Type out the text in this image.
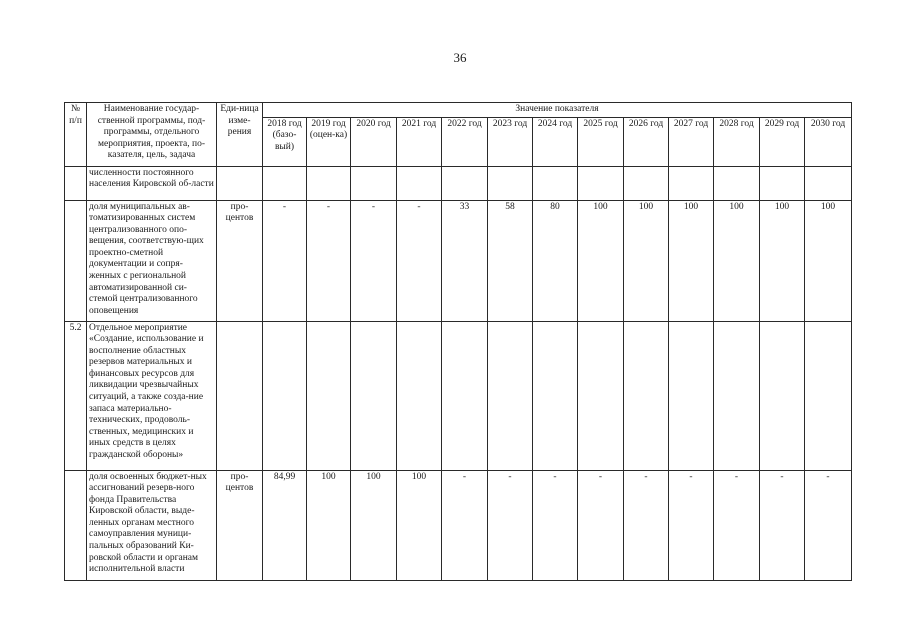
36
№ п/п	Наименование государ-ственной программы, под-программы, отдельного мероприятия, проекта, по-казателя, цель, задача	Еди-ница изме-рения	Значение показателя												
			2018 год (базо-вый)	2019 год (оцен-ка)	2020 год	2021 год	2022 год	2023 год	2024 год	2025 год	2026 год	2027 год	2028 год	2029 год	2030 год
	численности постоянного населения Кировской об-ласти														
	доля муниципальных ав-томатизированных систем централизованного опо-вещения, соответствую-щих проектно-сметной документации и сопря-женных с региональной автоматизированной си-стемой централизованного оповещения	про-центов	-	-	-	-	33	58	80	100	100	100	100	100	100
5.2	Отдельное мероприятие «Создание, использование и восполнение областных резервов материальных и финансовых ресурсов для ликвидации чрезвычайных ситуаций, а также созда-ние запаса материально-технических, продоволь-ственных, медицинских и иных средств в целях гражданской обороны»														
	доля освоенных бюджет-ных ассигнований резерв-ного фонда Правительства Кировской области, выде-ленных органам местного самоуправления муници-пальных образований Ки-ровской области и органам исполнительной власти	про-центов	84,99	100	100	100	-	-	-	-	-	-	-	-	-
